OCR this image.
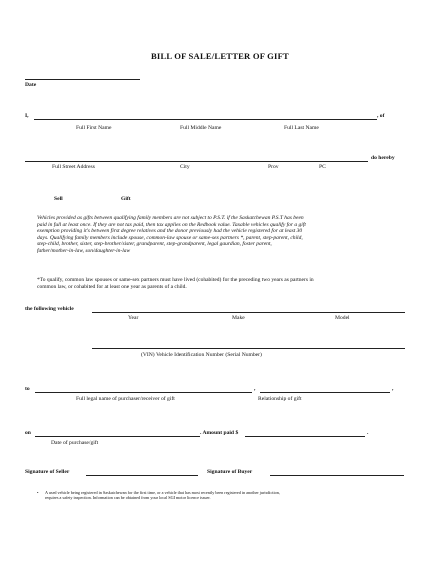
BILL OF SALE/LETTER OF GIFT
Date
I,	, of
Full First Name	Full Middle Name	Full Last Name
do hereby
Full Street Address	City	Prov	PC
Sell	Gift
Vehicles provided as gifts between qualifying family members are not subject to P.S.T. if the Saskatchewan P.S.T has been
paid in full at least once. If they are not tax paid, then tax applies on the Redbook value. Taxable vehicles qualify for a gift
exemption providing it's between first degree relatives and the donor previously had the vehicle registered for at least 30
days. Qualifying family members include spouse, common-law spouse or same-sex partners *, parent, step-parent, child,
step-child, brother, sister, step-brother/sister, grandparent, step-grandparent, legal gaurdian, foster parent,
father/mother-in-law, son/daughter-in-law
*To qualify, common law spouses or same-sex partners must have lived (cohabited) for the preceding two years as partners in
common law, or cohabited for at least one year as parents of a child.
the following vehicle
Year	Make	Model
(VIN) Vehicle Identification Number (Serial Number)
to	,	,
Full legal name of purchaser/receiver of gift	Relationship of gift
on	. Amount paid $	.
Date of purchase/gift
Signature of Seller	Signature of Buyer
• A used vehicle being registered in Saskatchewan for the first time, or a vehicle that has most recently been registered in another jurisdiction,
requires a safety inspection. Information can be obtained from your local SGI motor licence issuer.
